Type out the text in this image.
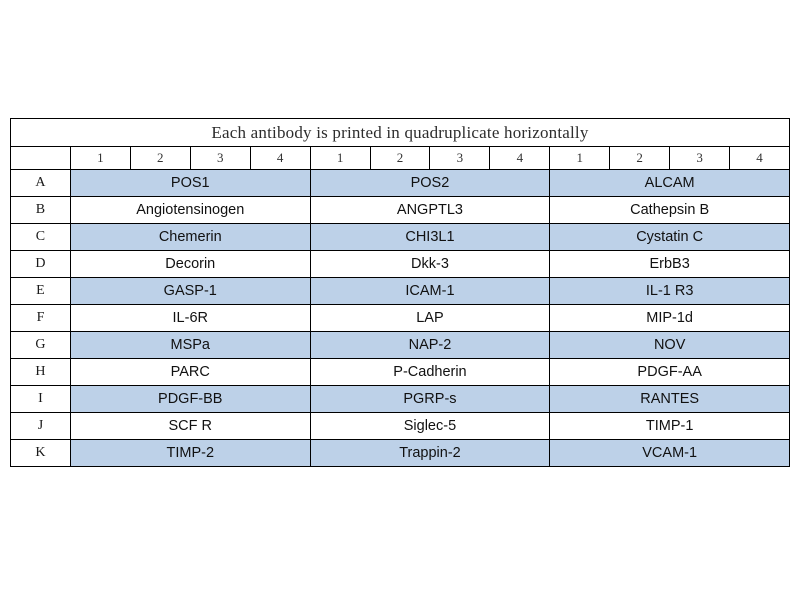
Each antibody is printed in quadruplicate horizontally												
	1	2	3	4	1	2	3	4	1	2	3	4
A	POS1				POS2				ALCAM			
B	Angiotensinogen				ANGPTL3				Cathepsin B			
C	Chemerin				CHI3L1				Cystatin C			
D	Decorin				Dkk-3				ErbB3			
E	GASP-1				ICAM-1				IL-1 R3			
F	IL-6R				LAP				MIP-1d			
G	MSPa				NAP-2				NOV			
H	PARC				P-Cadherin				PDGF-AA			
I	PDGF-BB				PGRP-s				RANTES			
J	SCF R				Siglec-5				TIMP-1			
K	TIMP-2				Trappin-2				VCAM-1			
